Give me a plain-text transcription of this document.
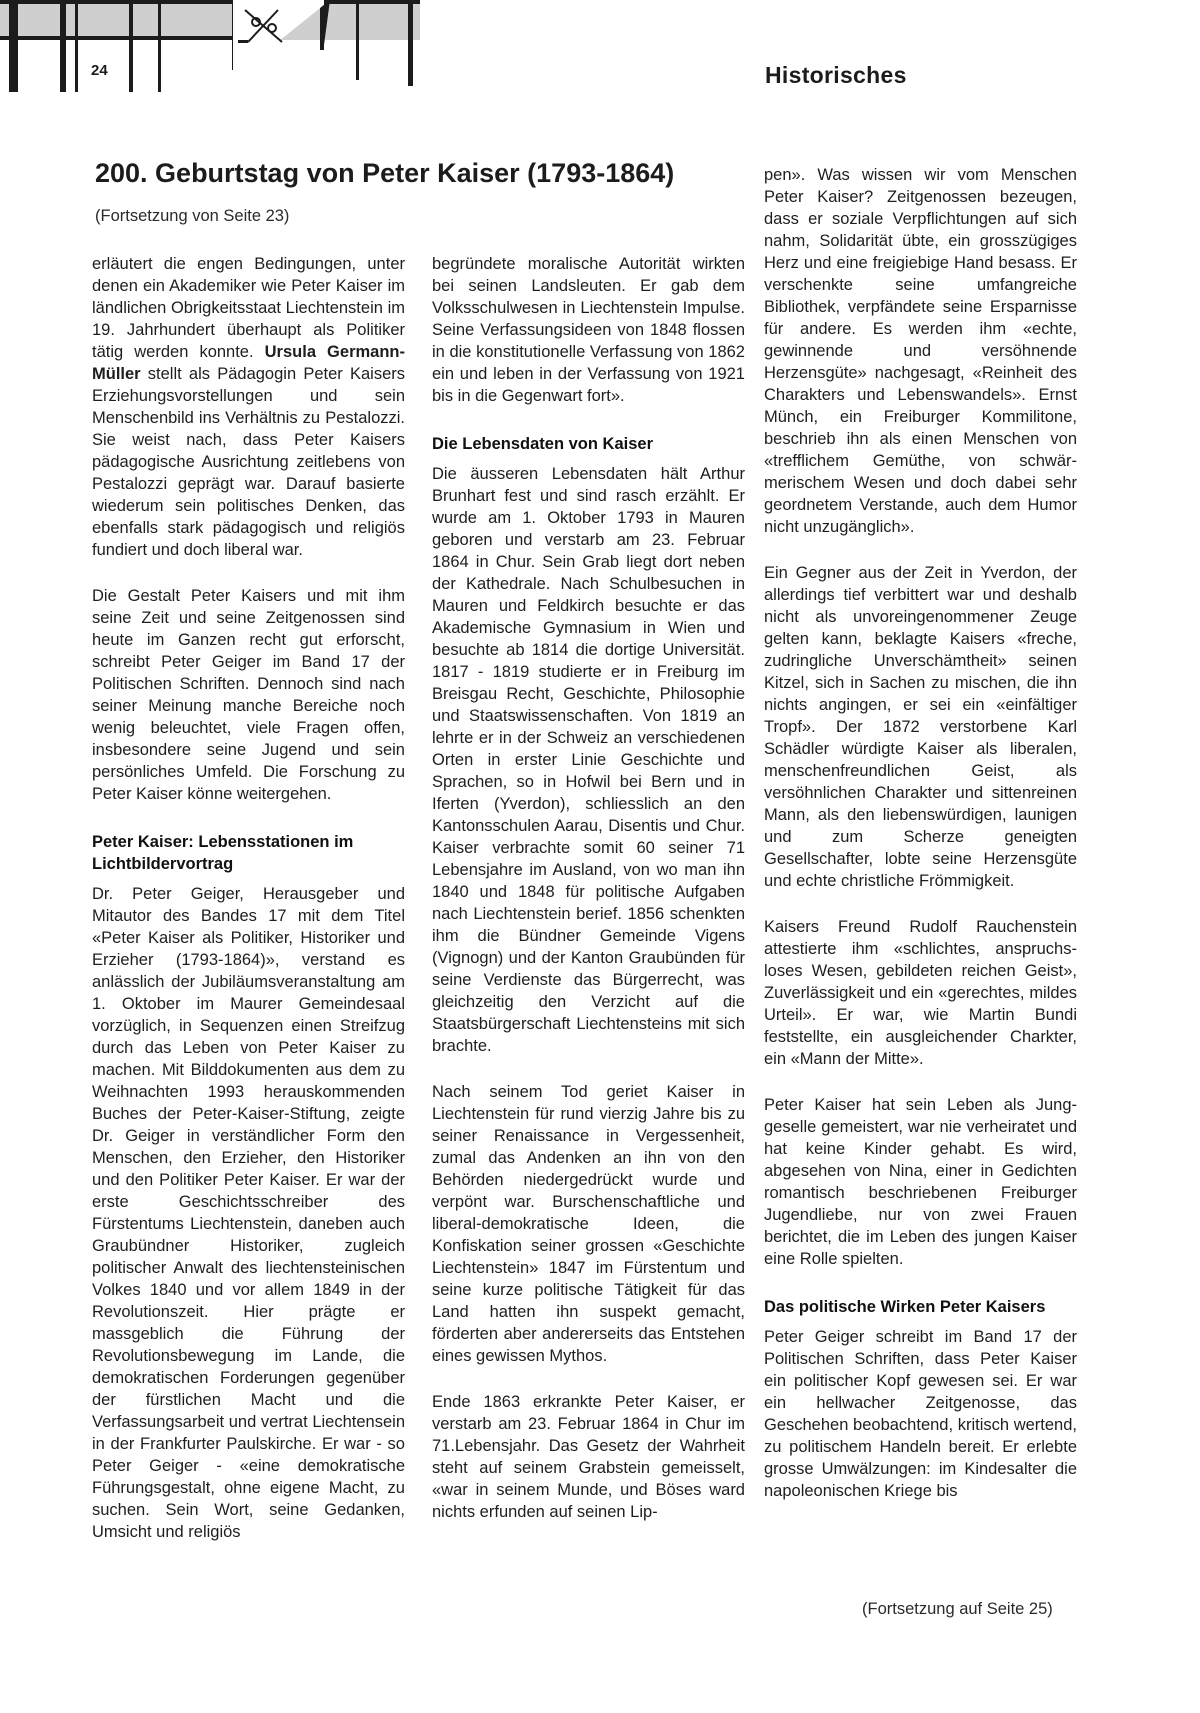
24	Historisches
200. Geburtstag von Peter Kaiser (1793-1864)
(Fortsetzung von Seite 23)

erläutert die engen Bedingungen, unter denen ein Akademiker wie Peter Kaiser im ländlichen Obrigkeitsstaat Liechtenstein im 19. Jahrhundert überhaupt als Politiker tätig werden konnte. Ursula Germann-Müller stellt als Pädagogin Peter Kaisers Erziehungsvorstellungen und sein Menschenbild ins Verhältnis zu Pestalozzi. Sie weist nach, dass Peter Kaisers pädagogische Ausrichtung zeitlebens von Pestalozzi geprägt war. Darauf basierte wiederum sein politisches Denken, das ebenfalls stark pädagogisch und religiös fundiert und doch liberal war.

Die Gestalt Peter Kaisers und mit ihm seine Zeit und seine Zeitgenossen sind heute im Ganzen recht gut erforscht, schreibt Peter Geiger im Band 17 der Politischen Schriften. Dennoch sind nach seiner Meinung manche Bereiche noch wenig beleuchtet, viele Fragen offen, insbesondere seine Jugend und sein persönliches Umfeld. Die Forschung zu Peter Kaiser könne weitergehen.

Peter Kaiser: Lebensstationen im Lichtbildervortrag

Dr. Peter Geiger, Herausgeber und Mitautor des Bandes 17 mit dem Titel «Peter Kaiser als Politiker, Historiker und Erzieher (1793-1864)», verstand es anlässlich der Jubiläumsveranstaltung am 1. Oktober im Maurer Gemeindesaal vorzüglich, in Sequenzen einen Streifzug durch das Leben von Peter Kaiser zu machen. Mit Bilddokumenten aus dem zu Weihnachten 1993 herauskommenden Buches der Peter-Kaiser-Stiftung, zeigte Dr. Geiger in verständlicher Form den Menschen, den Erzieher, den Historiker und den Politiker Peter Kaiser. Er war der erste Geschichtsschreiber des Fürstentums Liechtenstein, daneben auch Graubündner Historiker, zugleich politischer Anwalt des liechtensteinischen Volkes 1840 und vor allem 1849 in der Revolutionszeit. Hier prägte er massgeblich die Führung der Revolutionsbewegung im Lande, die demokratischen Forderungen gegenüber der fürstlichen Macht und die Verfassungsarbeit und vertrat Liechtensein in der Frankfurter Paulskirche. Er war - so Peter Geiger - «eine demokratische Führungsgestalt, ohne eigene Macht, zu suchen. Sein Wort, seine Gedanken, Umsicht und religiös

begründete moralische Autorität wirkten bei seinen Landsleuten. Er gab dem Volksschulwesen in Liechtenstein Impulse. Seine Verfassungsideen von 1848 flossen in die konstitutionelle Verfassung von 1862 ein und leben in der Verfassung von 1921 bis in die Gegenwart fort».

Die Lebensdaten von Kaiser

Die äusseren Lebensdaten hält Arthur Brunhart fest und sind rasch erzählt. Er wurde am 1. Oktober 1793 in Mauren geboren und verstarb am 23. Februar 1864 in Chur. Sein Grab liegt dort neben der Kathedrale. Nach Schulbesuchen in Mauren und Feldkirch besuchte er das Akademische Gymnasium in Wien und besuchte ab 1814 die dortige Universität. 1817 - 1819 studierte er in Freiburg im Breisgau Recht, Geschichte, Philosophie und Staatswissenschaften. Von 1819 an lehrte er in der Schweiz an verschiedenen Orten in erster Linie Geschichte und Sprachen, so in Hofwil bei Bern und in Iferten (Yverdon), schliesslich an den Kantonsschulen Aarau, Disentis und Chur. Kaiser verbrachte somit 60 seiner 71 Lebensjahre im Ausland, von wo man ihn 1840 und 1848 für politische Aufgaben nach Liechtenstein berief. 1856 schenkten ihm die Bündner Gemeinde Vigens (Vignogn) und der Kanton Graubünden für seine Verdienste das Bürgerrecht, was gleichzeitig den Verzicht auf die Staatsbürgerschaft Liechtensteins mit sich brachte.

Nach seinem Tod geriet Kaiser in Liechtenstein für rund vierzig Jahre bis zu seiner Renaissance in Vergessenheit, zumal das Andenken an ihn von den Behörden niedergedrückt wurde und verpönt war. Burschenschaftliche und liberal-demokratische Ideen, die Konfiskation seiner grossen «Geschichte Liechtenstein» 1847 im Fürstentum und seine kurze politische Tätigkeit für das Land hatten ihn suspekt gemacht, förderten aber andererseits das Entstehen eines gewissen Mythos.

Ende 1863 erkrankte Peter Kaiser, er verstarb am 23. Februar 1864 in Chur im 71.Lebensjahr. Das Gesetz der Wahrheit steht auf seinem Grabstein gemeisselt, «war in seinem Munde, und Böses ward nichts erfunden auf seinen Lip-

pen». Was wissen wir vom Menschen Peter Kaiser? Zeitgenossen bezeugen, dass er soziale Verpflichtungen auf sich nahm, Solidarität übte, ein grosszügiges Herz und eine freigiebige Hand besass. Er verschenkte seine umfangreiche Bibliothek, verpfändete seine Ersparnisse für andere. Es werden ihm «echte, gewinnende und versöhnende Herzensgüte» nachgesagt, «Reinheit des Charakters und Lebenswandels». Ernst Münch, ein Freiburger Kommilitone, beschrieb ihn als einen Menschen von «trefflichem Gemüthe, von schwärmerischem Wesen und doch dabei sehr geordnetem Verstande, auch dem Humor nicht unzugänglich».

Ein Gegner aus der Zeit in Yverdon, der allerdings tief verbittert war und deshalb nicht als unvoreingenommener Zeuge gelten kann, beklagte Kaisers «freche, zudringliche Unverschämtheit» seinen Kitzel, sich in Sachen zu mischen, die ihn nichts angingen, er sei ein «einfältiger Tropf». Der 1872 verstorbene Karl Schädler würdigte Kaiser als liberalen, menschenfreundlichen Geist, als versöhnlichen Charakter und sittenreinen Mann, als den liebenswürdigen, launigen und zum Scherze geneigten Gesellschafter, lobte seine Herzensgüte und echte christliche Frömmigkeit.

Kaisers Freund Rudolf Rauchenstein attestierte ihm «schlichtes, anspruchsloses Wesen, gebildeten reichen Geist», Zuverlässigkeit und ein «gerechtes, mildes Urteil». Er war, wie Martin Bundi feststellte, ein ausgleichender Charkter, ein «Mann der Mitte».

Peter Kaiser hat sein Leben als Junggeselle gemeistert, war nie verheiratet und hat keine Kinder gehabt. Es wird, abgesehen von Nina, einer in Gedichten romantisch beschriebenen Freiburger Jugendliebe, nur von zwei Frauen berichtet, die im Leben des jungen Kaiser eine Rolle spielten.

Das politische Wirken Peter Kaisers

Peter Geiger schreibt im Band 17 der Politischen Schriften, dass Peter Kaiser ein politischer Kopf gewesen sei. Er war ein hellwacher Zeitgenosse, das Geschehen beobachtend, kritisch wertend, zu politischem Handeln bereit. Er erlebte grosse Umwälzungen: im Kindesalter die napoleonischen Kriege bis

(Fortsetzung auf Seite 25)
